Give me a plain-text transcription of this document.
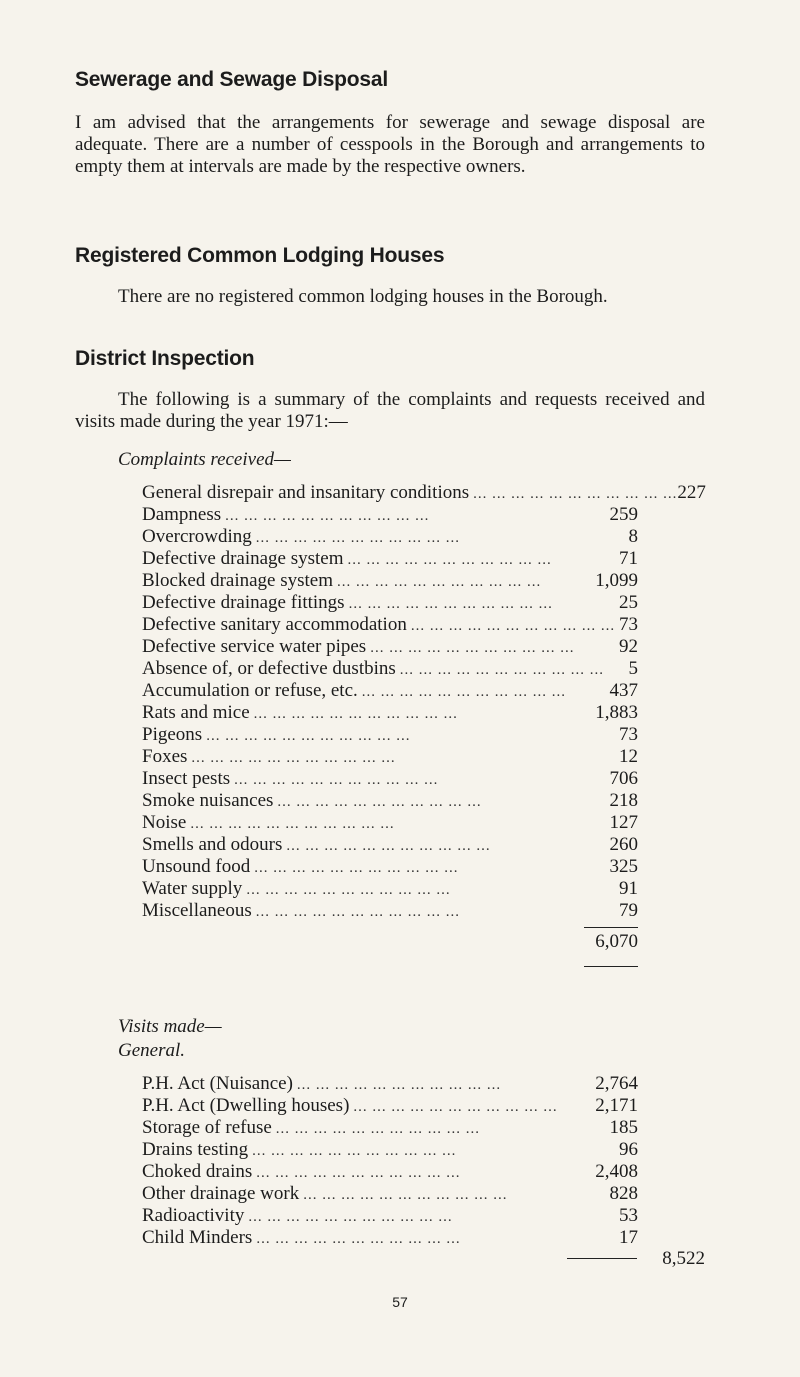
Sewerage and Sewage Disposal

I am advised that the arrangements for sewerage and sewage disposal are adequate. There are a number of cesspools in the Borough and arrangements to empty them at intervals are made by the respective owners.

Registered Common Lodging Houses

There are no registered common lodging houses in the Borough.

District Inspection

The following is a summary of the complaints and requests received and visits made during the year 1971:—

Complaints received—

General disrepair and insanitary conditions ... ... ... ... ... ... ... ... ... ... ... 227
Dampness ... ... ... ... ... ... ... ... ... ... ...	259
Overcrowding ... ... ... ... ... ... ... ... ... ... ...	8
Defective drainage system ... ... ... ... ... ... ... ... ... ... ...	71
Blocked drainage system ... ... ... ... ... ... ... ... ... ... ...	1,099
Defective drainage fittings ... ... ... ... ... ... ... ... ... ... ...	25
Defective sanitary accommodation ... ... ... ... ... ... ... ... ... ... ... 73
Defective service water pipes ... ... ... ... ... ... ... ... ... ... ...	92
Absence of, or defective dustbins ... ... ... ... ... ... ... ... ... ... ...	5
Accumulation or refuse, etc. ... ... ... ... ... ... ... ... ... ... ...	437
Rats and mice ... ... ... ... ... ... ... ... ... ... ...	1,883
Pigeons ... ... ... ... ... ... ... ... ... ... ...	73
Foxes ... ... ... ... ... ... ... ... ... ... ...	12
Insect pests ... ... ... ... ... ... ... ... ... ... ...	706
Smoke nuisances ... ... ... ... ... ... ... ... ... ... ...	218
Noise ... ... ... ... ... ... ... ... ... ... ...	127
Smells and odours ... ... ... ... ... ... ... ... ... ... ...	260
Unsound food ... ... ... ... ... ... ... ... ... ... ...	325
Water supply ... ... ... ... ... ... ... ... ... ... ...	91
Miscellaneous ... ... ... ... ... ... ... ... ... ... ...	79
6,070

Visits made—

General.

P.H. Act (Nuisance) ... ... ... ... ... ... ... ... ... ... ...	2,764
P.H. Act (Dwelling houses) ... ... ... ... ... ... ... ... ... ... ...	2,171
Storage of refuse ... ... ... ... ... ... ... ... ... ... ...	185
Drains testing ... ... ... ... ... ... ... ... ... ... ...	96
Choked drains ... ... ... ... ... ... ... ... ... ... ...	2,408
Other drainage work ... ... ... ... ... ... ... ... ... ... ...	828
Radioactivity ... ... ... ... ... ... ... ... ... ... ...	53
Child Minders ... ... ... ... ... ... ... ... ... ... ...	17
8,522
57
